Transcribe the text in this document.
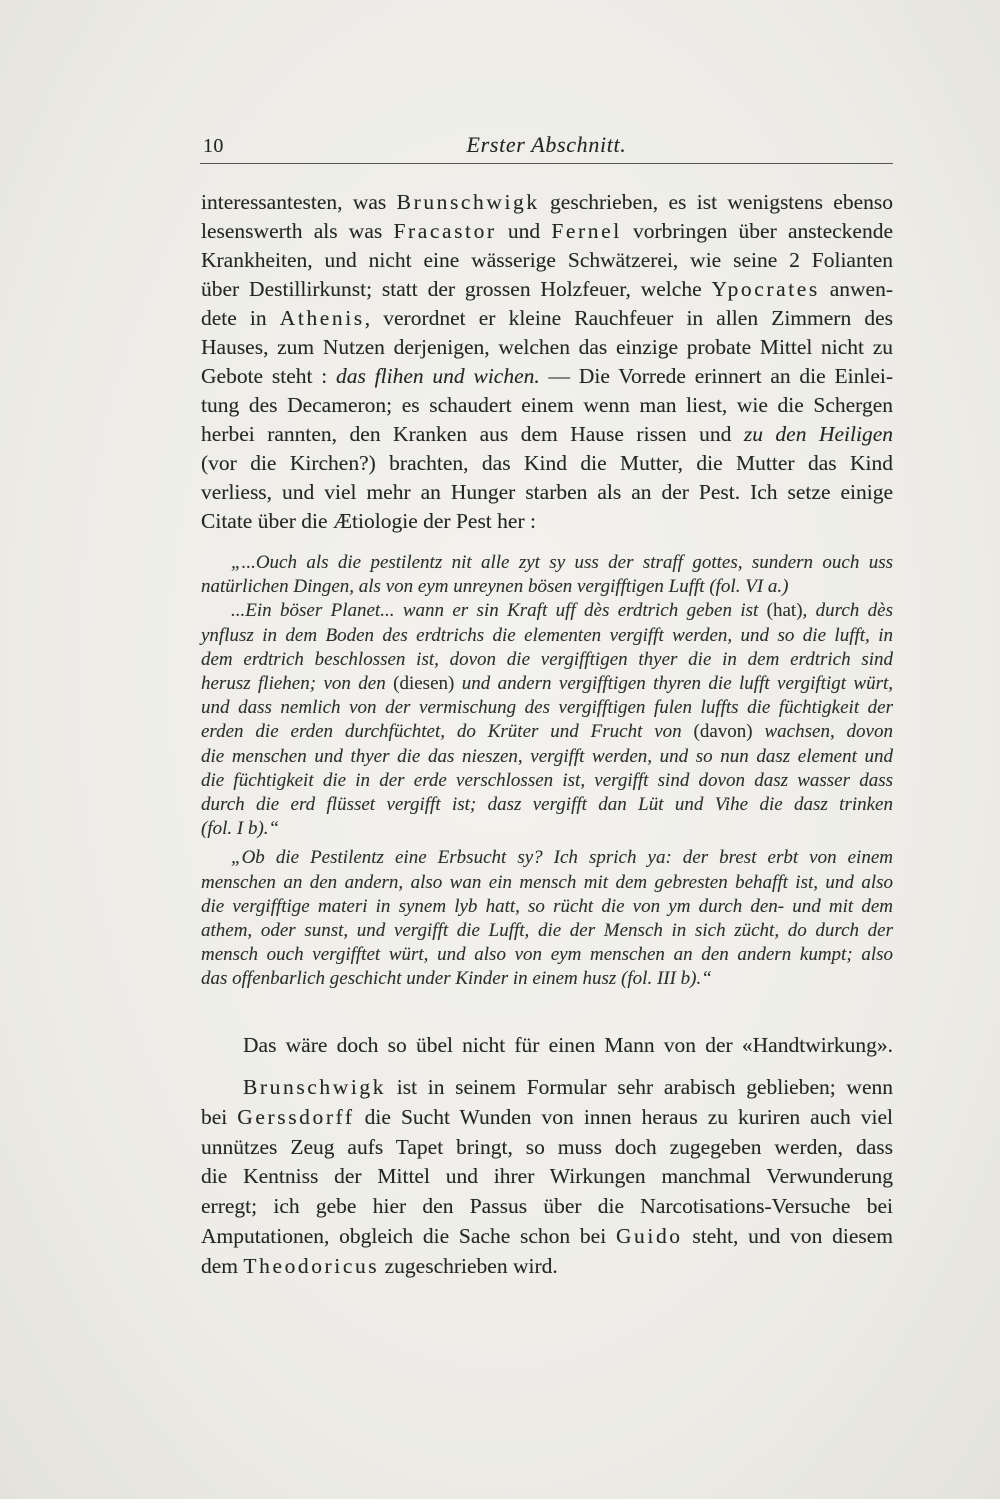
10	Erster Abschnitt.
interessantesten, was Brunschwigk geschrieben, es ist wenigstens ebenso
lesenswerth als was Fracastor und Fernel vorbringen über ansteckende
Krankheiten, und nicht eine wässerige Schwätzerei, wie seine 2 Folianten
über Destillirkunst; statt der grossen Holzfeuer, welche Ypocrates anwen-
dete in Athenis, verordnet er kleine Rauchfeuer in allen Zimmern des
Hauses, zum Nutzen derjenigen, welchen das einzige probate Mittel nicht zu
Gebote steht : das flihen und wichen. — Die Vorrede erinnert an die Einlei-
tung des Decameron; es schaudert einem wenn man liest, wie die Schergen
herbei rannten, den Kranken aus dem Hause rissen und zu den Heiligen
(vor die Kirchen?) brachten, das Kind die Mutter, die Mutter das Kind
verliess, und viel mehr an Hunger starben als an der Pest. Ich setze einige
Citate über die Ætiologie der Pest her :
„...Ouch als die pestilentz nit alle zyt sy uss der straff gottes, sundern ouch uss
natürlichen Dingen, als von eym unreynen bösen vergifftigen Lufft (fol. VI a.)
...Ein böser Planet... wann er sin Kraft uff dès erdtrich geben ist (hat), durch dès
ynflusz in dem Boden des erdtrichs die elementen vergifft werden, und so die lufft, in
dem erdtrich beschlossen ist, dovon die vergifftigen thyer die in dem erdtrich sind
herusz fliehen; von den (diesen) und andern vergifftigen thyren die lufft vergiftigt würt,
und dass nemlich von der vermischung des vergifftigen fulen luffts die füchtigkeit der
erden die erden durchfüchtet, do Krüter und Frucht von (davon) wachsen, dovon
die menschen und thyer die das nieszen, vergifft werden, und so nun dasz element und
die füchtigkeit die in der erde verschlossen ist, vergifft sind dovon dasz wasser dass
durch die erd flüsset vergifft ist; dasz vergifft dan Lüt und Vihe die dasz trinken
(fol. I b).“
„Ob die Pestilentz eine Erbsucht sy? Ich sprich ya: der brest erbt von einem
menschen an den andern, also wan ein mensch mit dem gebresten behafft ist, und also
die vergifftige materi in synem lyb hatt, so rücht die von ym durch den- und mit dem
athem, oder sunst, und vergifft die Lufft, die der Mensch in sich zücht, do durch der
mensch ouch vergifftet würt, und also von eym menschen an den andern kumpt; also
das offenbarlich geschicht under Kinder in einem husz (fol. III b).“
Das wäre doch so übel nicht für einen Mann von der «Handtwirkung».
Brunschwigk ist in seinem Formular sehr arabisch geblieben; wenn
bei Gerssdorff die Sucht Wunden von innen heraus zu kuriren auch viel
unnützes Zeug aufs Tapet bringt, so muss doch zugegeben werden, dass
die Kentniss der Mittel und ihrer Wirkungen manchmal Verwunderung
erregt; ich gebe hier den Passus über die Narcotisations-Versuche bei
Amputationen, obgleich die Sache schon bei Guido steht, und von diesem
dem Theodoricus zugeschrieben wird.
